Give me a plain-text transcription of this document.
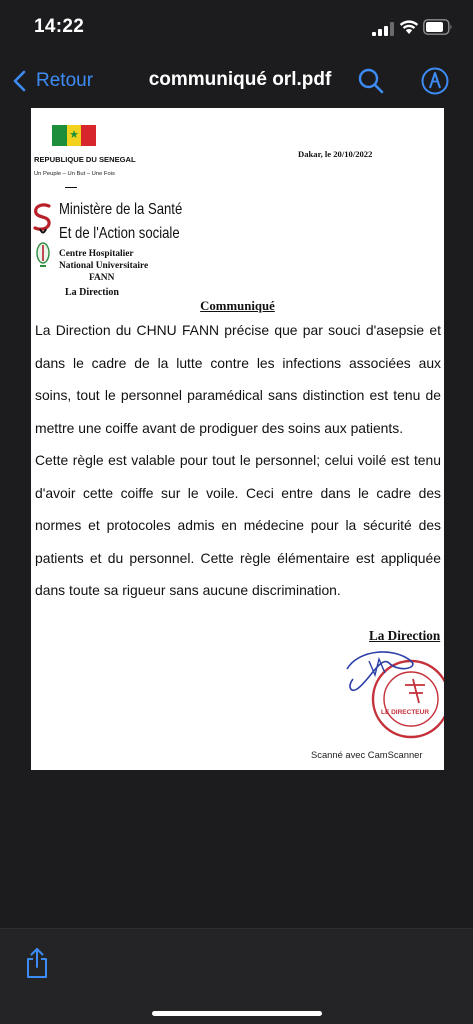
14:22
Retour	communiqué orl.pdf
★
REPUBLIQUE DU SENEGAL
Un Peuple – Un But – Une Fois
Dakar, le 20/10/2022
Ministère de la Santé
Et de l'Action sociale
Centre Hospitalier
National Universitaire
FANN
La Direction
Communiqué

La Direction du CHNU FANN précise que par souci d'asepsie et dans le cadre de la lutte contre les infections associées aux soins, tout le personnel paramédical sans distinction est tenu de mettre une coiffe avant de prodiguer des soins aux patients.

Cette règle est valable pour tout le personnel; celui voilé est tenu d'avoir cette coiffe sur le voile. Ceci entre dans le cadre des normes et protocoles admis en médecine pour la sécurité des patients et du personnel. Cette règle élémentaire est appliquée dans toute sa rigueur sans aucune discrimination.

La Direction
LE DIRECTEUR
Scanné avec CamScanner
